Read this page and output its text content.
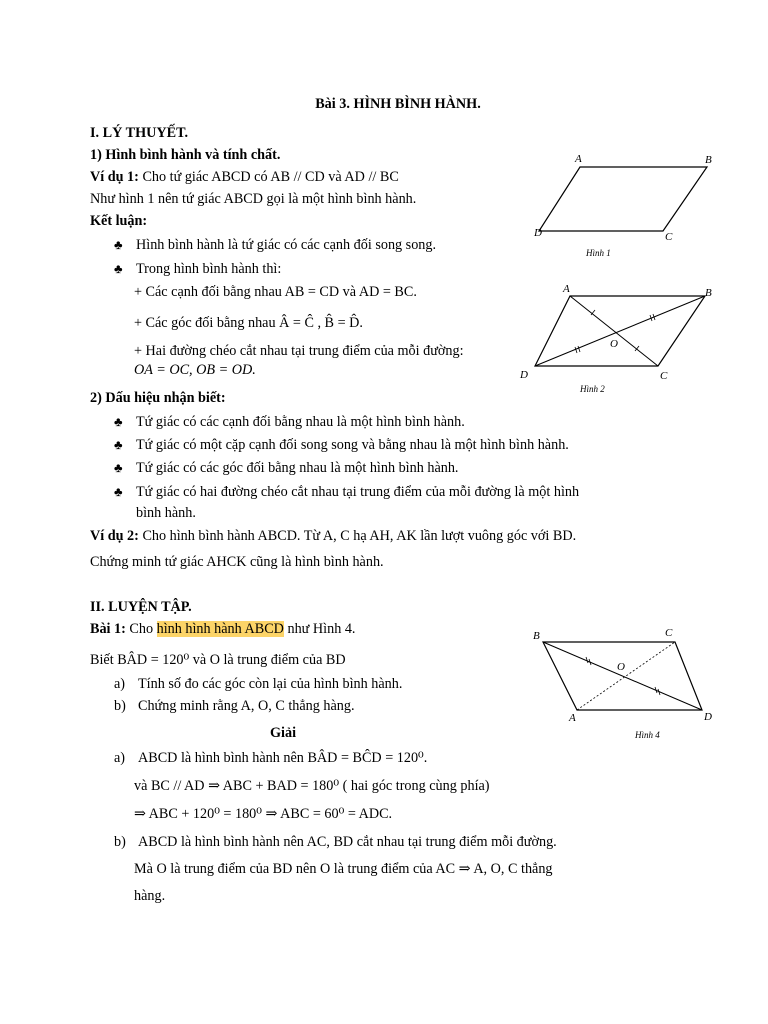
Bài 3. HÌNH BÌNH HÀNH.
I. LÝ THUYẾT.
1) Hình bình hành và tính chất.
Ví dụ 1: Cho tứ giác ABCD có AB // CD và AD // BC
Như hình 1 nên tứ giác ABCD gọi là một hình bình hành.
Kết luận:
♣ Hình bình hành là tứ giác có các cạnh đối song song.
♣ Trong hình bình hành thì:
+ Các cạnh đối bằng nhau AB = CD và AD = BC.
+ Các góc đối bằng nhau Â = Ĉ , B̂ = D̂.
+ Hai đường chéo cắt nhau tại trung điểm của mỗi đường:
OA = OC, OB = OD.
2) Dấu hiệu nhận biết:
♣ Tứ giác có các cạnh đối bằng nhau là một hình bình hành.
♣ Tứ giác có một cặp cạnh đối song song và bằng nhau là một hình bình hành.
♣ Tứ giác có các góc đối bằng nhau là một hình bình hành.
♣ Tứ giác có hai đường chéo cắt nhau tại trung điểm của mỗi đường là một hình
bình hành.
Ví dụ 2: Cho hình bình hành ABCD. Từ A, C hạ AH, AK lần lượt vuông góc với BD.
Chứng minh tứ giác AHCK cũng là hình bình hành.
II. LUYỆN TẬP.
Bài 1: Cho hình hình hành ABCD như Hình 4.
Biết BÂD = 120⁰ và O là trung điểm của BD
a) Tính số đo các góc còn lại của hình bình hành.
b) Chứng minh rằng A, O, C thẳng hàng.
Giải
a) ABCD là hình bình hành nên BÂD = BĈD = 120⁰.
và BC // AD ⇒ ABC + BAD = 180⁰ ( hai góc trong cùng phía)
⇒ ABC + 120⁰ = 180⁰ ⇒ ABC = 60⁰ = ADC.
b) ABCD là hình bình hành nên AC, BD cắt nhau tại trung điểm mỗi đường.
Mà O là trung điểm của BD nên O là trung điểm của AC ⇒ A, O, C thẳng
hàng.
A	B
C
D
Hình 1
A	B
C
D
O
Hình 2
B	C
D
A
O
Hình 4
